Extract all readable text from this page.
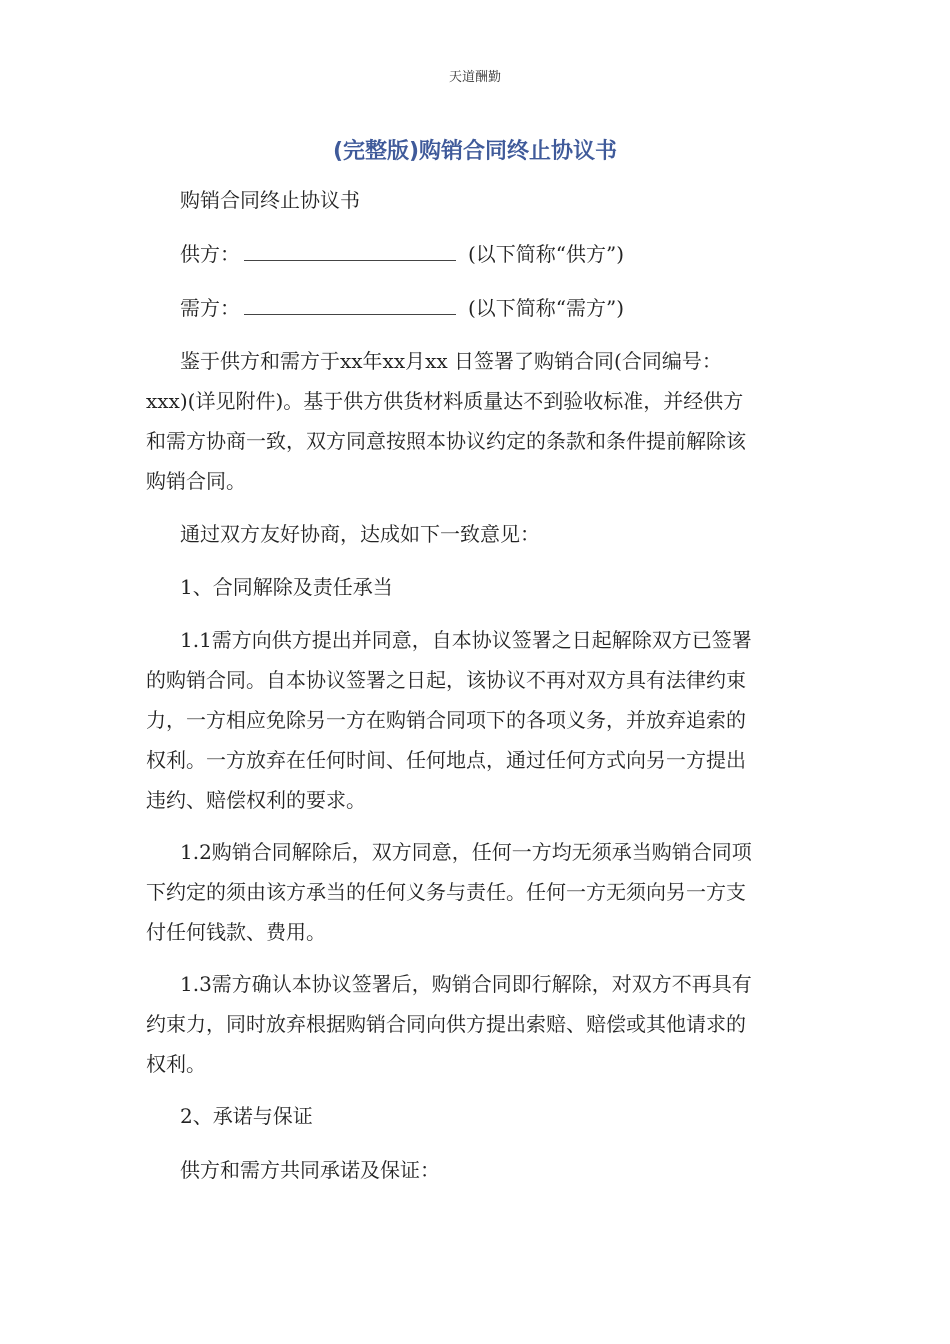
天道酬勤
(完整版)购销合同终止协议书
购销合同终止协议书
供方：	(以下简称“供方”)
需方：	(以下简称“需方”)
鉴于供方和需方于xx年xx月xx 日签署了购销合同(合同编号：
xxx)(详见附件)。基于供方供货材料质量达不到验收标准，并经供方
和需方协商一致，双方同意按照本协议约定的条款和条件提前解除该
购销合同。
通过双方友好协商，达成如下一致意见：
1、合同解除及责任承当
1.1需方向供方提出并同意，自本协议签署之日起解除双方已签署
的购销合同。自本协议签署之日起，该协议不再对双方具有法律约束
力，一方相应免除另一方在购销合同项下的各项义务，并放弃追索的
权利。一方放弃在任何时间、任何地点，通过任何方式向另一方提出
违约、赔偿权利的要求。
1.2购销合同解除后，双方同意，任何一方均无须承当购销合同项
下约定的须由该方承当的任何义务与责任。任何一方无须向另一方支
付任何钱款、费用。
1.3需方确认本协议签署后，购销合同即行解除，对双方不再具有
约束力，同时放弃根据购销合同向供方提出索赔、赔偿或其他请求的
权利。
2、承诺与保证
供方和需方共同承诺及保证：
